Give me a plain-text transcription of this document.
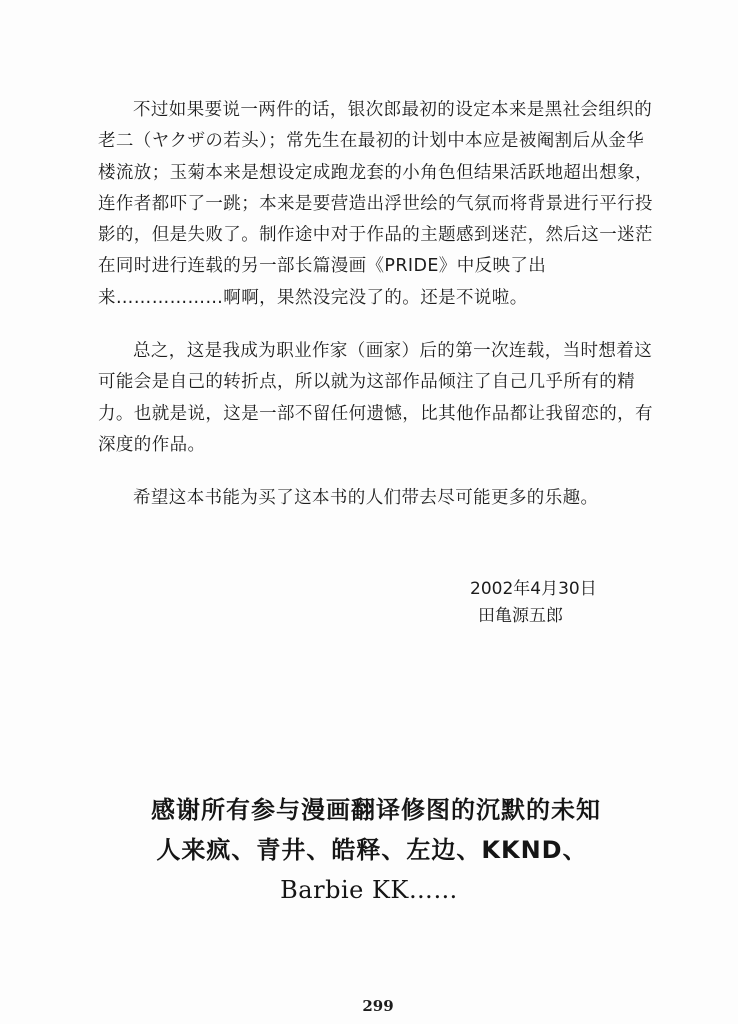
不过如果要说一两件的话，银次郎最初的设定本来是黑社会组织的老二（ヤクザの若头）；常先生在最初的计划中本应是被阉割后从金华楼流放；玉菊本来是想设定成跑龙套的小角色但结果活跃地超出想象，连作者都吓了一跳；本来是要营造出浮世绘的气氛而将背景进行平行投影的，但是失败了。制作途中对于作品的主题感到迷茫，然后这一迷茫在同时进行连载的另一部长篇漫画《PRIDE》中反映了出来………………啊啊，果然没完没了的。还是不说啦。

总之，这是我成为职业作家（画家）后的第一次连载，当时想着这可能会是自己的转折点，所以就为这部作品倾注了自己几乎所有的精力。也就是说，这是一部不留任何遗憾，比其他作品都让我留恋的，有深度的作品。

希望这本书能为买了这本书的人们带去尽可能更多的乐趣。

2002年4月30日
田亀源五郎
感谢所有参与漫画翻译修图的沉默的未知
人来疯、青井、皓释、左边、KKND、
Barbie KK……
299
